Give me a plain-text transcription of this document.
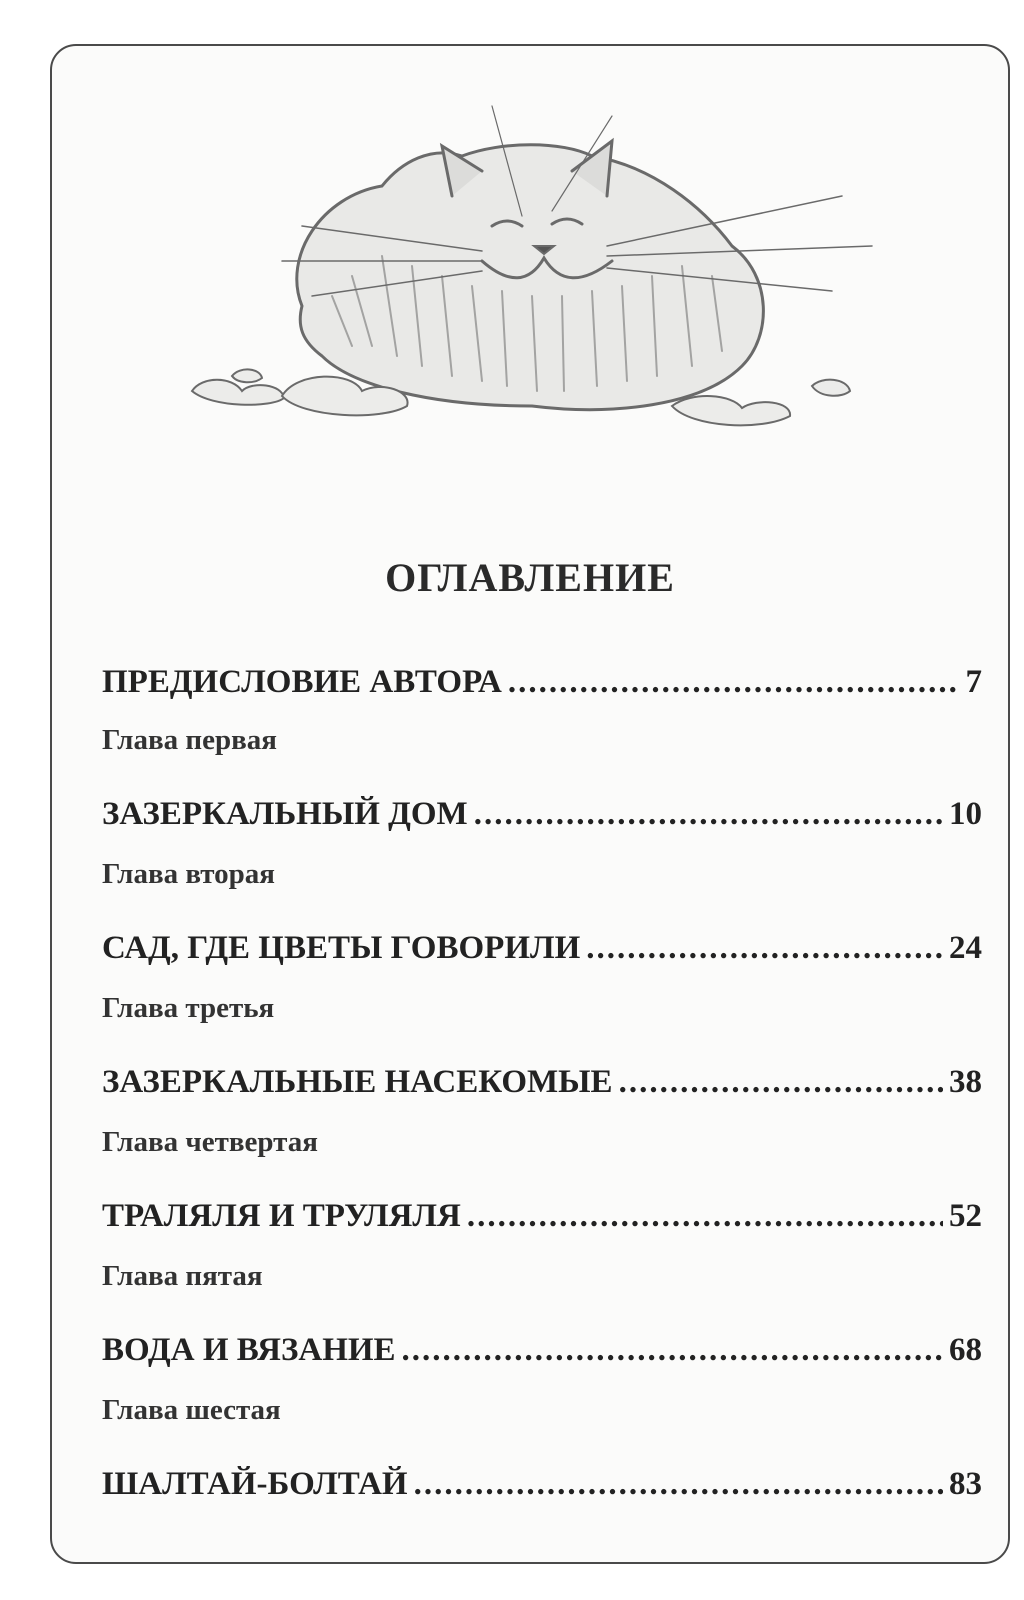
ОГЛАВЛЕНИЕ
ПРЕДИСЛОВИЕ АВТОРА .....	7
Глава первая
ЗАЗЕРКАЛЬНЫЙ ДОМ .....	10
Глава вторая
САД, ГДЕ ЦВЕТЫ ГОВОРИЛИ .....	24
Глава третья
ЗАЗЕРКАЛЬНЫЕ НАСЕКОМЫЕ .....	38
Глава четвертая
ТРАЛЯЛЯ И ТРУЛЯЛЯ .....	52
Глава пятая
ВОДА И ВЯЗАНИЕ .....	68
Глава шестая
ШАЛТАЙ-БОЛТАЙ .....	83
